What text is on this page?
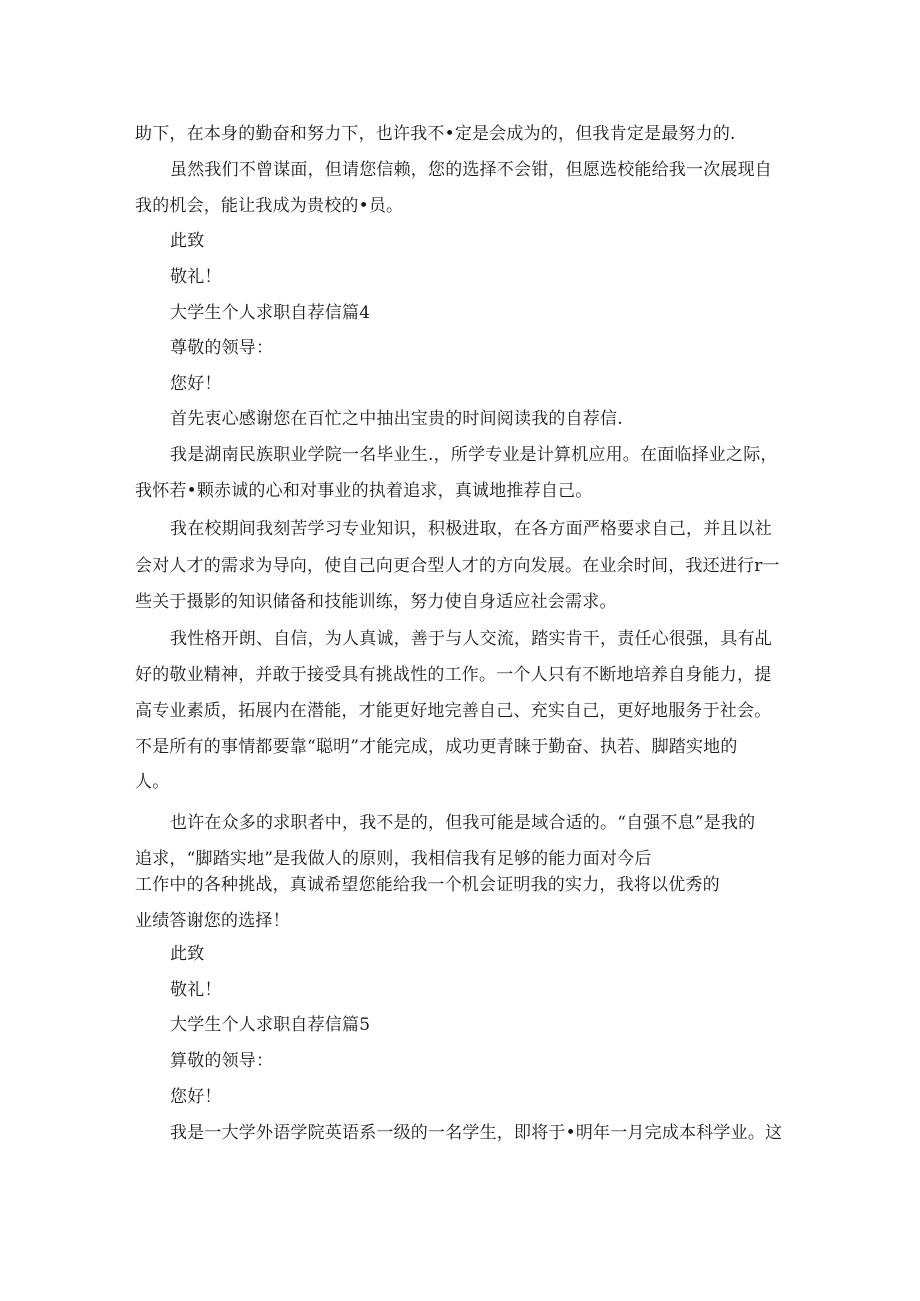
助下，在本身的勤奋和努力下，也许我不•定是会成为的，但我肯定是最努力的.
虽然我们不曾谋面，但请您信赖，您的选择不会钳，但愿选校能给我一次展现自
我的机会，能让我成为贵校的•员。
此致
敬礼！
大学生个人求职自荐信篇4
尊敬的领导：
您好！
首先衷心感谢您在百忙之中抽出宝贵的时间阅读我的自荐信.
我是湖南民族职业学院一名毕业生.，所学专业是计算机应用。在面临择业之际，
我怀若•颗赤诚的心和对事业的执着追求，真诚地推荐自己。
我在校期间我刻苦学习专业知识，积极进取，在各方面严格要求自己，并且以社
会对人才的需求为导向，使自己向更合型人才的方向发展。在业余时间，我还进行r一
些关于摄影的知识储备和技能训练，努力使自身适应社会需求。
我性格开朗、自信，为人真诚，善于与人交流，踏实肯干，责任心很强，具有乩
好的敬业精神，并敢于接受具有挑战性的工作。一个人只有不断地培养自身能力，提
高专业素质，拓展内在潜能，才能更好地完善自己、充实自己，更好地服务于社会。
不是所有的事情都要靠“聪明”才能完成，成功更青睐于勤奋、执若、脚踏实地的
人。
也许在众多的求职者中，我不是的，但我可能是域合适的。“自强不息”是我的
追求，“脚踏实地”是我做人的原则，我相信我有足够的能力面对今后
工作中的各种挑战，真诚希望您能给我一个机会证明我的实力，我将以优秀的
业绩答谢您的选择！
此致
敬礼！
大学生个人求职自荐信篇5
算敬的领导：
您好！
我是一大学外语学院英语系一级的一名学生，即将于•明年一月完成本科学业。这
